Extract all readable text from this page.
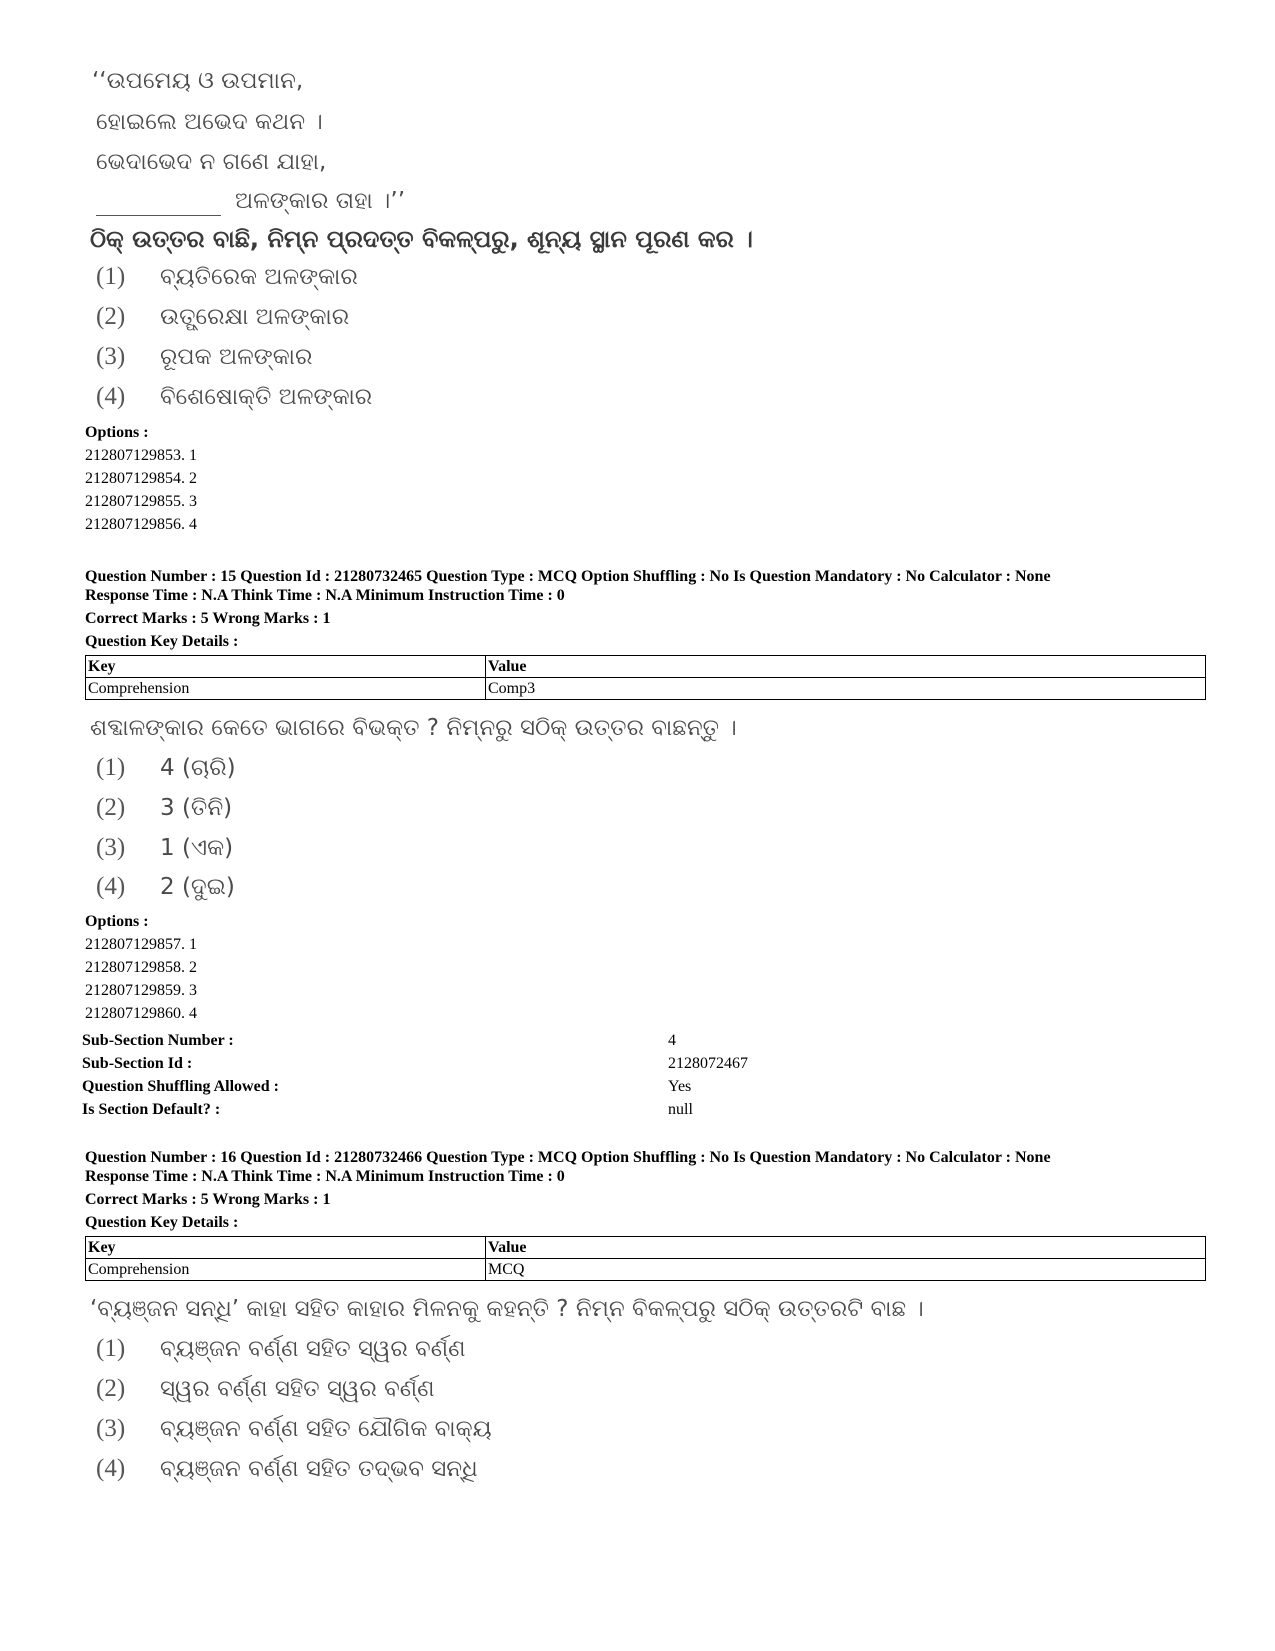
‘‘ଉପମେୟ ଓ ଉପମାନ,
ହୋଇଲେ ଅଭେଦ କଥନ ।
ଭେଦାଭେଦ ନ ଗଣେ ଯାହା,
ଅଳଙ୍କାର ତାହା ।’’
ଠିକ୍ ଉତ୍ତର ବାଛି, ନିମ୍ନ ପ୍ରଦତ୍ତ ବିକଳ୍ପରୁ, ଶୂନ୍ୟ ସ୍ଥାନ ପୂରଣ କର ।
(1) ବ୍ୟତିରେକ ଅଳଙ୍କାର
(2) ଉତ୍ପ୍ରେକ୍ଷା ଅଳଙ୍କାର
(3) ରୂପକ ଅଳଙ୍କାର
(4) ବିଶେଷୋକ୍ତି ଅଳଙ୍କାର
Options :
212807129853. 1
212807129854. 2
212807129855. 3
212807129856. 4
Question Number : 15 Question Id : 21280732465 Question Type : MCQ Option Shuffling : No Is Question Mandatory : No Calculator : None
Response Time : N.A Think Time : N.A Minimum Instruction Time : 0
Correct Marks : 5 Wrong Marks : 1
Question Key Details :
Key	Value
Comprehension	Comp3
ଶବ୍ଦାଳଙ୍କାର କେତେ ଭାଗରେ ବିଭକ୍ତ ? ନିମ୍ନରୁ ସଠିକ୍ ଉତ୍ତର ବାଛନ୍ତୁ ।
(1) 4 (ଚାରି)
(2) 3 (ତିନି)
(3) 1 (ଏକ)
(4) 2 (ଦୁଇ)
Options :
212807129857. 1
212807129858. 2
212807129859. 3
212807129860. 4
Sub-Section Number :	4
Sub-Section Id :	2128072467
Question Shuffling Allowed :	Yes
Is Section Default? :	null
Question Number : 16 Question Id : 21280732466 Question Type : MCQ Option Shuffling : No Is Question Mandatory : No Calculator : None
Response Time : N.A Think Time : N.A Minimum Instruction Time : 0
Correct Marks : 5 Wrong Marks : 1
Question Key Details :
Key	Value
Comprehension	MCQ
‘ବ୍ୟଞ୍ଜନ ସନ୍ଧି’ କାହା ସହିତ କାହାର ମିଳନକୁ କହନ୍ତି ? ନିମ୍ନ ବିକଳ୍ପରୁ ସଠିକ୍ ଉତ୍ତରଟି ବାଛ ।
(1) ବ୍ୟଞ୍ଜନ ବର୍ଣ୍ଣ ସହିତ ସ୍ୱର ବର୍ଣ୍ଣ
(2) ସ୍ୱର ବର୍ଣ୍ଣ ସହିତ ସ୍ୱର ବର୍ଣ୍ଣ
(3) ବ୍ୟଞ୍ଜନ ବର୍ଣ୍ଣ ସହିତ ଯୌଗିକ ବାକ୍ୟ
(4) ବ୍ୟଞ୍ଜନ ବର୍ଣ୍ଣ ସହିତ ତଦ୍ଭବ ସନ୍ଧି
